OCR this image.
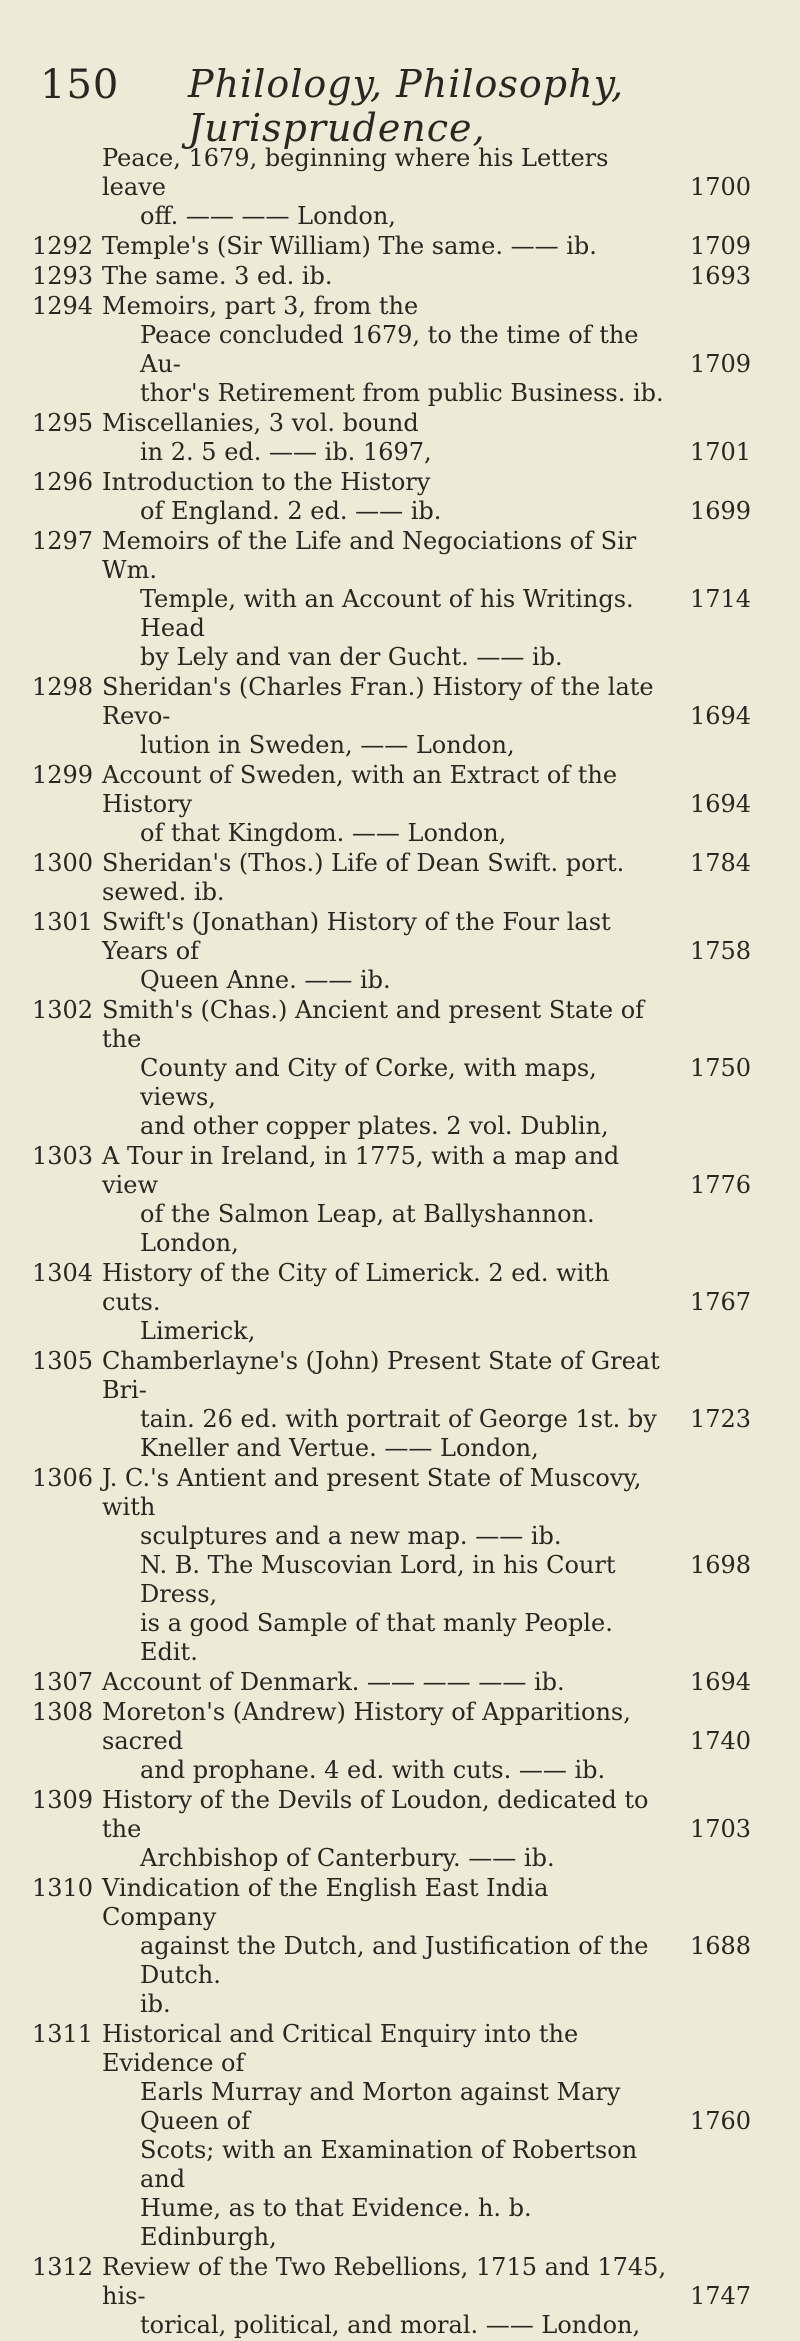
150 Philology, Philosophy, Jurisprudence,
Peace, 1679, beginning where his Letters leave
off. —— —— London,
1700
1292 Temple's (Sir William) The same. —— ib.	1709
1293 The same. 3 ed. ib.	1693
1294 Memoirs, part 3, from the
Peace concluded 1679, to the time of the Au-
thor's Retirement from public Business. ib.
1709
1295 Miscellanies, 3 vol. bound
in 2. 5 ed. —— ib. 1697,	1701
1296 Introduction to the History
of England. 2 ed. —— ib.	1699
1297 Memoirs of the Life and Negociations of Sir Wm.
Temple, with an Account of his Writings. Head
by Lely and van der Gucht. —— ib.
1714
1298 Sheridan's (Charles Fran.) History of the late Revo-
lution in Sweden, —— London,
1694
1299 Account of Sweden, with an Extract of the History
of that Kingdom. —— London,
1694
1300 Sheridan's (Thos.) Life of Dean Swift. port. sewed. ib.
1784
1301 Swift's (Jonathan) History of the Four last Years of
Queen Anne. —— ib.
1758
1302 Smith's (Chas.) Ancient and present State of the
County and City of Corke, with maps, views,
and other copper plates. 2 vol. Dublin,
1750
1303 A Tour in Ireland, in 1775, with a map and view
of the Salmon Leap, at Ballyshannon. London,
1776
1304 History of the City of Limerick. 2 ed. with cuts.
Limerick,
1767
1305 Chamberlayne's (John) Present State of Great Bri-
tain. 26 ed. with portrait of George 1st. by
Kneller and Vertue. —— London,
1723
1306 J. C.'s Antient and present State of Muscovy, with
sculptures and a new map. —— ib.
N. B. The Muscovian Lord, in his Court Dress,
is a good Sample of that manly People. Edit.
1698
1307 Account of Denmark. —— —— —— ib.	1694
1308 Moreton's (Andrew) History of Apparitions, sacred
and prophane. 4 ed. with cuts. —— ib.
1740
1309 History of the Devils of Loudon, dedicated to the
Archbishop of Canterbury. —— ib.
1703
1310 Vindication of the English East India Company
against the Dutch, and Justification of the Dutch.
ib.
1688
1311 Historical and Critical Enquiry into the Evidence of
Earls Murray and Morton against Mary Queen of
Scots; with an Examination of Robertson and
Hume, as to that Evidence. h. b. Edinburgh,
1760
1312 Review of the Two Rebellions, 1715 and 1745, his-
torical, political, and moral. —— London,
1747
